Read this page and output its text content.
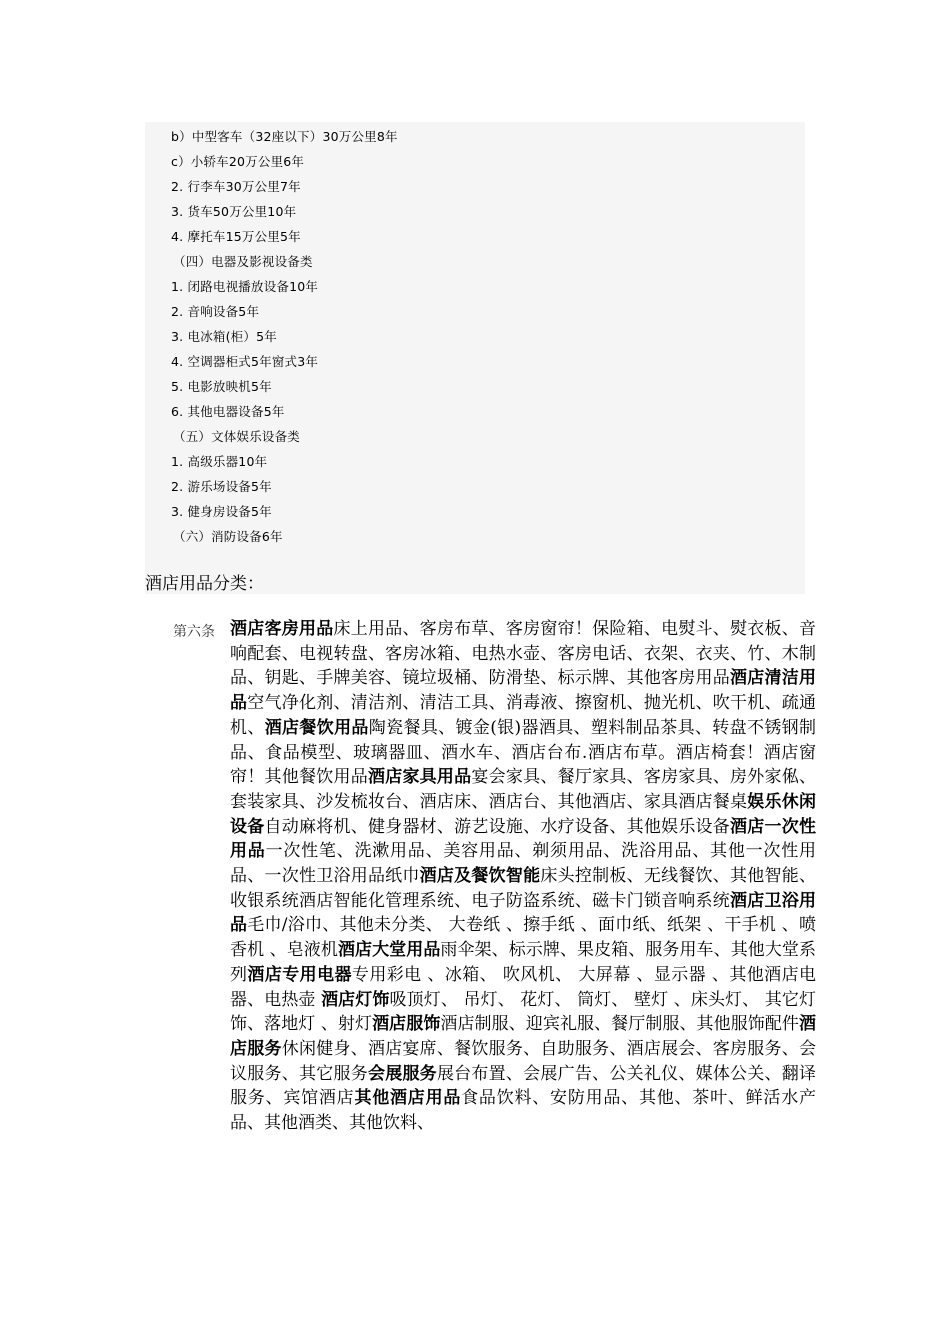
b）中型客车（32座以下）30万公里8年
c）小轿车20万公里6年
2. 行李车30万公里7年
3. 货车50万公里10年
4. 摩托车15万公里5年
（四）电器及影视设备类
1. 闭路电视播放设备10年
2. 音响设备5年
3. 电冰箱(柜）5年
4. 空调器柜式5年窗式3年
5. 电影放映机5年
6. 其他电器设备5年
（五）文体娱乐设备类
1. 高级乐器10年
2. 游乐场设备5年
3. 健身房设备5年
（六）消防设备6年
酒店用品分类：
第六条 酒店客房用品床上用品、客房布草、客房窗帘！保险箱、电熨斗、熨衣板、音响配套、电视转盘、客房冰箱、电热水壶、客房电话、衣架、衣夹、竹、木制品、钥匙、手牌美容、镜垃圾桶、防滑垫、标示牌、其他客房用品酒店清洁用品空气净化剂、清洁剂、清洁工具、消毒液、擦窗机、抛光机、吹干机、疏通机、酒店餐饮用品陶瓷餐具、镀金(银)器酒具、塑料制品茶具、转盘不锈钢制品、食品模型、玻璃器皿、酒水车、酒店台布.酒店布草。酒店椅套！酒店窗帘！其他餐饮用品酒店家具用品宴会家具、餐厅家具、客房家具、房外家俬、套装家具、沙发梳妆台、酒店床、酒店台、其他酒店、家具酒店餐桌娱乐休闲设备自动麻将机、健身器材、游艺设施、水疗设备、其他娱乐设备酒店一次性用品一次性笔、洗漱用品、美容用品、剃须用品、洗浴用品、其他一次性用品、一次性卫浴用品纸巾酒店及餐饮智能床头控制板、无线餐饮、其他智能、收银系统酒店智能化管理系统、电子防盗系统、磁卡门锁音响系统酒店卫浴用品毛巾/浴巾、其他未分类、 大卷纸 、擦手纸 、面巾纸、纸架 、干手机 、喷香机 、皂液机酒店大堂用品雨伞架、标示牌、果皮箱、服务用车、其他大堂系列酒店专用电器专用彩电 、冰箱、 吹风机、 大屏幕 、显示器 、其他酒店电器、电热壶 酒店灯饰吸顶灯、 吊灯、 花灯、 筒灯、 壁灯 、床头灯、 其它灯饰、落地灯 、射灯酒店服饰酒店制服、迎宾礼服、餐厅制服、其他服饰配件酒店服务休闲健身、酒店宴席、餐饮服务、自助服务、酒店展会、客房服务、会议服务、其它服务会展服务展台布置、会展广告、公关礼仪、媒体公关、翻译服务、宾馆酒店其他酒店用品食品饮料、安防用品、其他、茶叶、鲜活水产品、其他酒类、其他饮料、
